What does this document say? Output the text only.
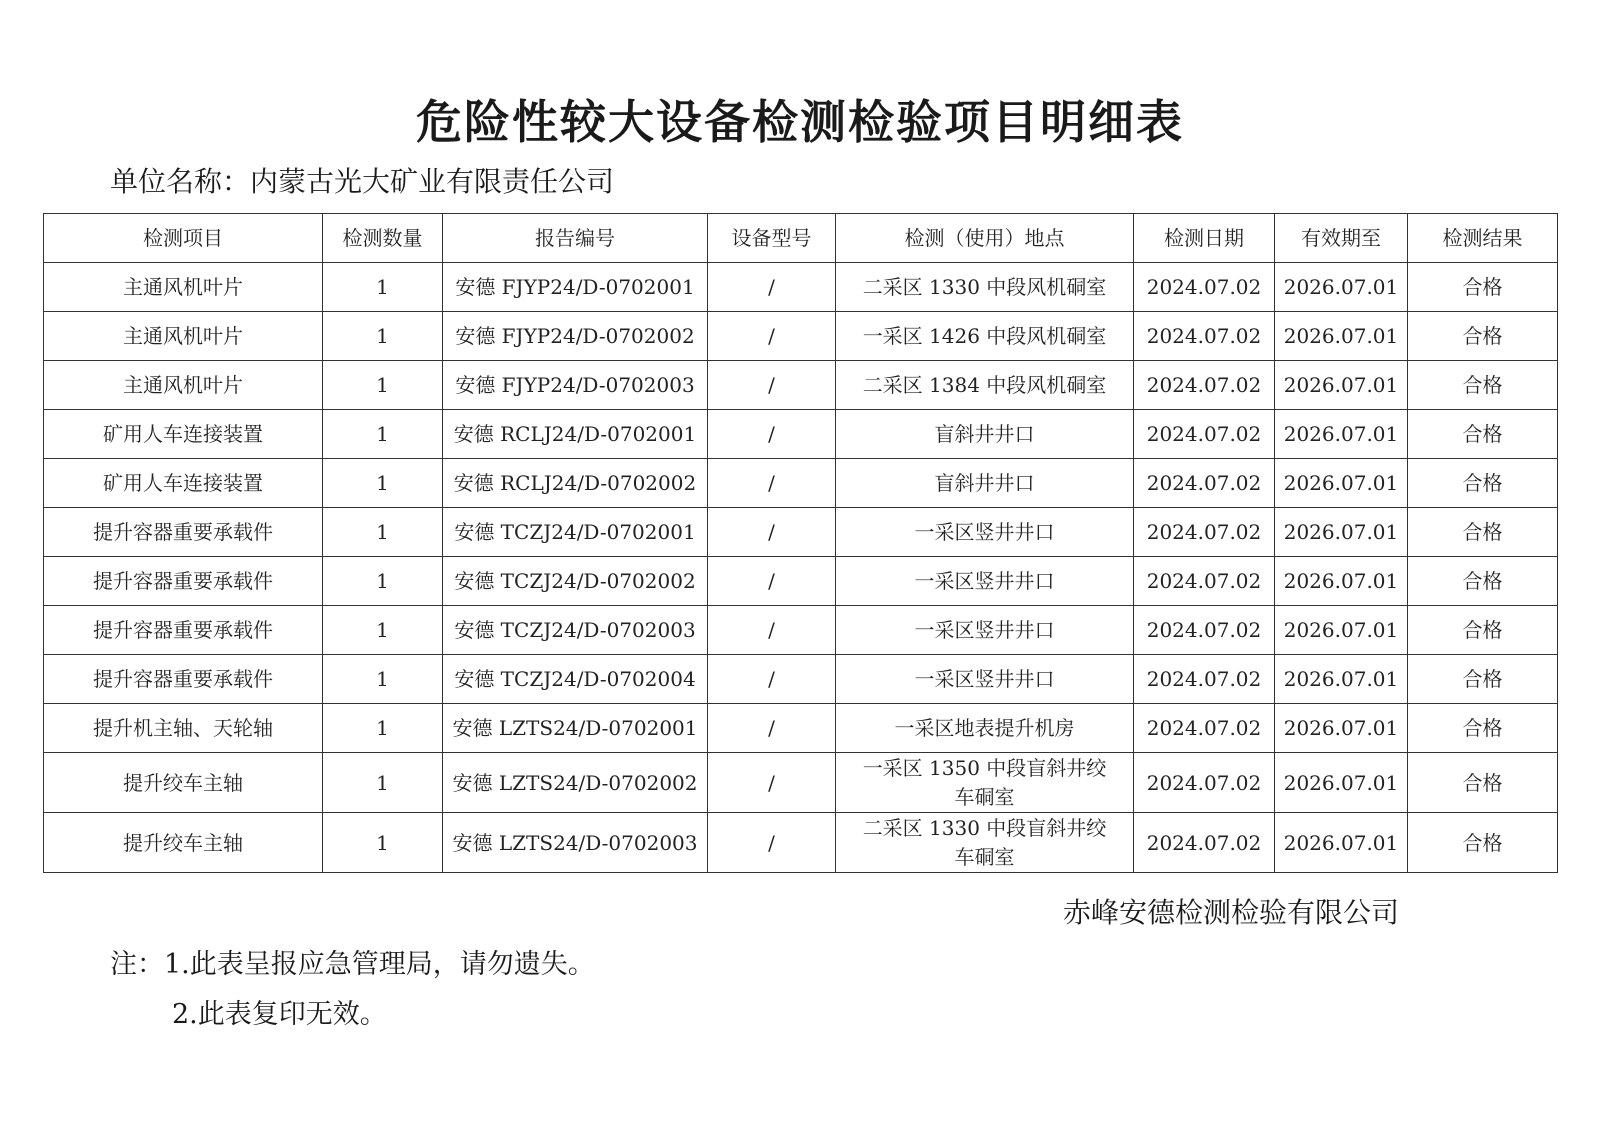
危险性较大设备检测检验项目明细表
单位名称：内蒙古光大矿业有限责任公司
检测项目	检测数量	报告编号	设备型号	检测（使用）地点	检测日期	有效期至	检测结果
主通风机叶片	1	安德 FJYP24/D-0702001	/	二采区 1330 中段风机硐室	2024.07.02	2026.07.01	合格
主通风机叶片	1	安德 FJYP24/D-0702002	/	一采区 1426 中段风机硐室	2024.07.02	2026.07.01	合格
主通风机叶片	1	安德 FJYP24/D-0702003	/	二采区 1384 中段风机硐室	2024.07.02	2026.07.01	合格
矿用人车连接装置	1	安德 RCLJ24/D-0702001	/	盲斜井井口	2024.07.02	2026.07.01	合格
矿用人车连接装置	1	安德 RCLJ24/D-0702002	/	盲斜井井口	2024.07.02	2026.07.01	合格
提升容器重要承载件	1	安德 TCZJ24/D-0702001	/	一采区竖井井口	2024.07.02	2026.07.01	合格
提升容器重要承载件	1	安德 TCZJ24/D-0702002	/	一采区竖井井口	2024.07.02	2026.07.01	合格
提升容器重要承载件	1	安德 TCZJ24/D-0702003	/	一采区竖井井口	2024.07.02	2026.07.01	合格
提升容器重要承载件	1	安德 TCZJ24/D-0702004	/	一采区竖井井口	2024.07.02	2026.07.01	合格
提升机主轴、天轮轴	1	安德 LZTS24/D-0702001	/	一采区地表提升机房	2024.07.02	2026.07.01	合格
提升绞车主轴	1	安德 LZTS24/D-0702002	/	一采区 1350 中段盲斜井绞车硐室	2024.07.02	2026.07.01	合格
提升绞车主轴	1	安德 LZTS24/D-0702003	/	二采区 1330 中段盲斜井绞车硐室	2024.07.02	2026.07.01	合格
赤峰安德检测检验有限公司
注：1.此表呈报应急管理局，请勿遗失。
2.此表复印无效。
